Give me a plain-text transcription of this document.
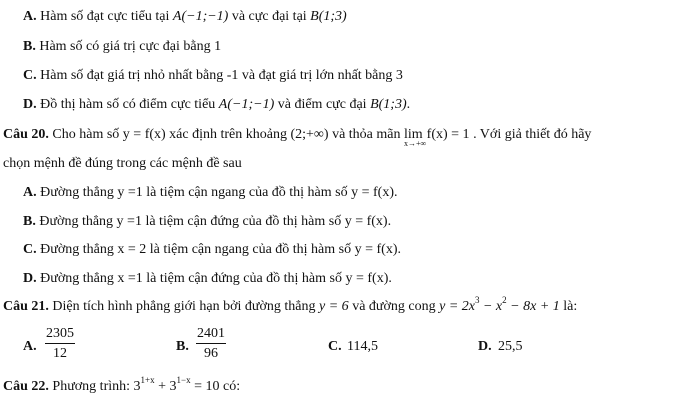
A. Hàm số đạt cực tiểu tại A(−1;−1) và cực đại tại B(1;3)
B. Hàm số có giá trị cực đại bằng 1
C. Hàm số đạt giá trị nhỏ nhất bằng -1 và đạt giá trị lớn nhất bằng 3
D. Đồ thị hàm số có điểm cực tiểu A(−1;−1) và điểm cực đại B(1;3).
Câu 20. Cho hàm số y = f(x) xác định trên khoảng (2;+∞) và thỏa mãn lim
x→+∞
f(x) = 1 . Với giả thiết đó hãy
chọn mệnh đề đúng trong các mệnh đề sau
A. Đường thẳng y =1 là tiệm cận ngang của đồ thị hàm số y = f(x).
B. Đường thẳng y =1 là tiệm cận đứng của đồ thị hàm số y = f(x).
C. Đường thẳng x = 2 là tiệm cận ngang của đồ thị hàm số y = f(x).
D. Đường thẳng x =1 là tiệm cận đứng của đồ thị hàm số y = f(x).
Câu 21. Diện tích hình phẳng giới hạn bởi đường thẳng y = 6 và đường cong $y = 2x^3 - x^2 - 8x + 1$ là:
A. $\frac{2305}{12}$	B. $\frac{2401}{96}$	C. 114,5	D. 25,5
Câu 22. Phương trình: $3^{1+x} + 3^{1-x} = 10$ có:
